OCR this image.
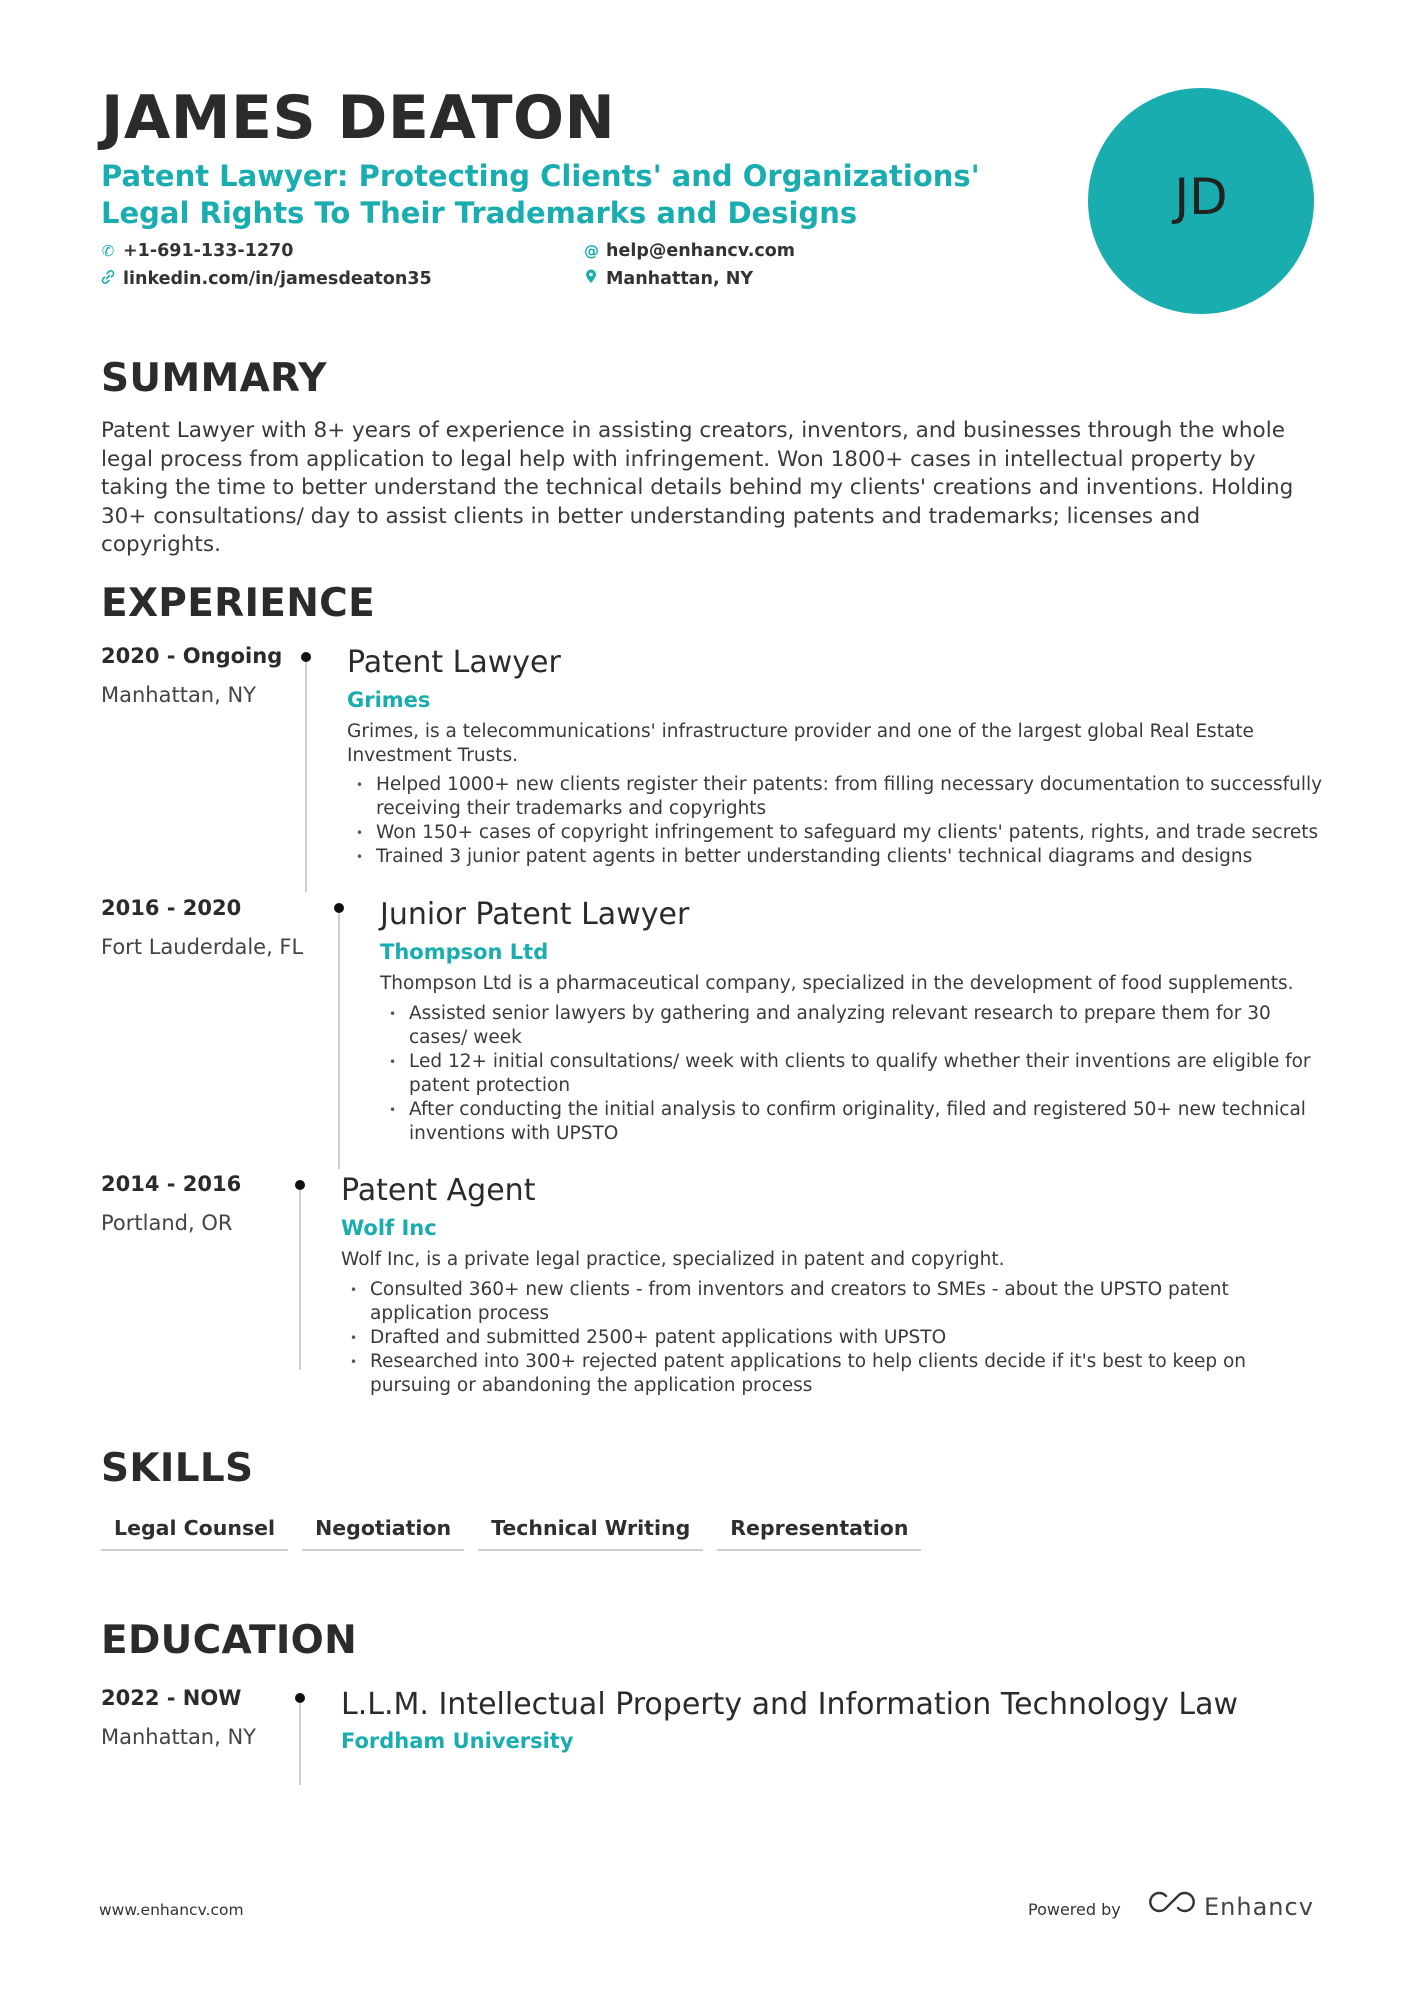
JAMES DEATON
Patent Lawyer: Protecting Clients' and Organizations' Legal Rights To Their Trademarks and Designs
✆ +1-691-133-1270	@ help@enhancv.com
linkedin.com/in/jamesdeaton35	Manhattan, NY
JD
SUMMARY
Patent Lawyer with 8+ years of experience in assisting creators, inventors, and businesses through the whole legal process from application to legal help with infringement. Won 1800+ cases in intellectual property by taking the time to better understand the technical details behind my clients' creations and inventions. Holding 30+ consultations/ day to assist clients in better understanding patents and trademarks; licenses and copyrights.
EXPERIENCE
2020 - Ongoing
Manhattan, NY
Patent Lawyer
Grimes
Grimes, is a telecommunications' infrastructure provider and one of the largest global Real Estate Investment Trusts.
• Helped 1000+ new clients register their patents: from filling necessary documentation to successfully receiving their trademarks and copyrights
• Won 150+ cases of copyright infringement to safeguard my clients' patents, rights, and trade secrets
• Trained 3 junior patent agents in better understanding clients' technical diagrams and designs
2016 - 2020
Fort Lauderdale, FL
Junior Patent Lawyer
Thompson Ltd
Thompson Ltd is a pharmaceutical company, specialized in the development of food supplements.
• Assisted senior lawyers by gathering and analyzing relevant research to prepare them for 30 cases/ week
• Led 12+ initial consultations/ week with clients to qualify whether their inventions are eligible for patent protection
• After conducting the initial analysis to confirm originality, filed and registered 50+ new technical inventions with UPSTO
2014 - 2016
Portland, OR
Patent Agent
Wolf Inc
Wolf Inc, is a private legal practice, specialized in patent and copyright.
• Consulted 360+ new clients - from inventors and creators to SMEs - about the UPSTO patent application process
• Drafted and submitted 2500+ patent applications with UPSTO
• Researched into 300+ rejected patent applications to help clients decide if it's best to keep on pursuing or abandoning the application process
SKILLS
Legal Counsel	Negotiation	Technical Writing	Representation
EDUCATION
2022 - NOW
Manhattan, NY
L.L.M. Intellectual Property and Information Technology Law
Fordham University
www.enhancv.com	Powered by	Enhancv
